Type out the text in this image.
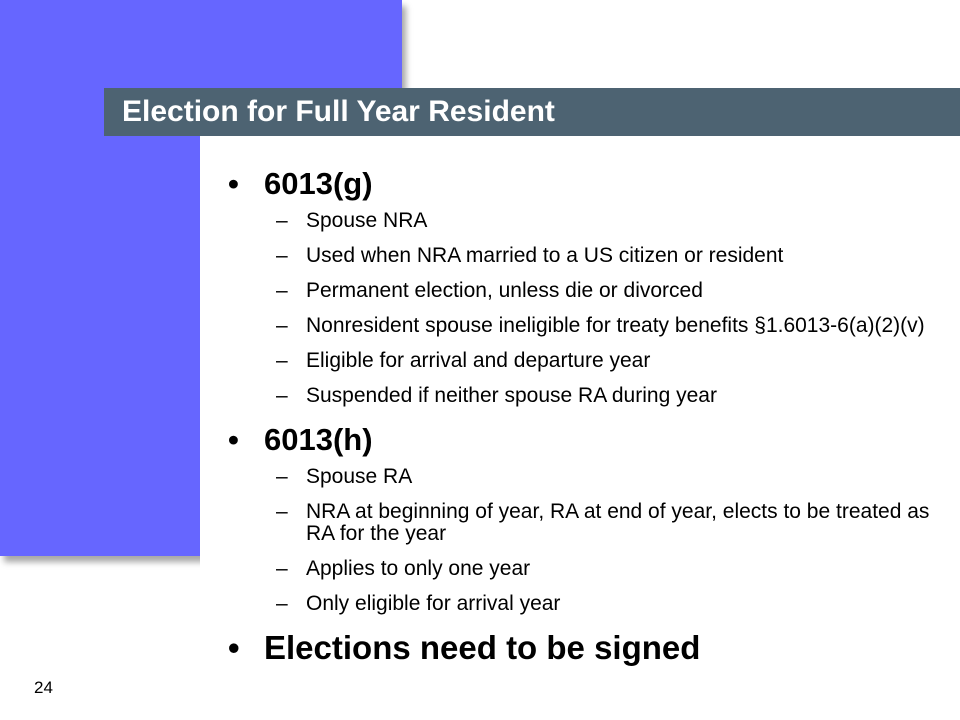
Election for Full Year Resident
• 6013(g)
– Spouse NRA
– Used when NRA married to a US citizen or resident
– Permanent election, unless die or divorced
– Nonresident spouse ineligible for treaty benefits §1.6013-6(a)(2)(v)
– Eligible for arrival and departure year
– Suspended if neither spouse RA during year
• 6013(h)
– Spouse RA
– NRA at beginning of year, RA at end of year, elects to be treated as RA for the year
– Applies to only one year
– Only eligible for arrival year
• Elections need to be signed
24
